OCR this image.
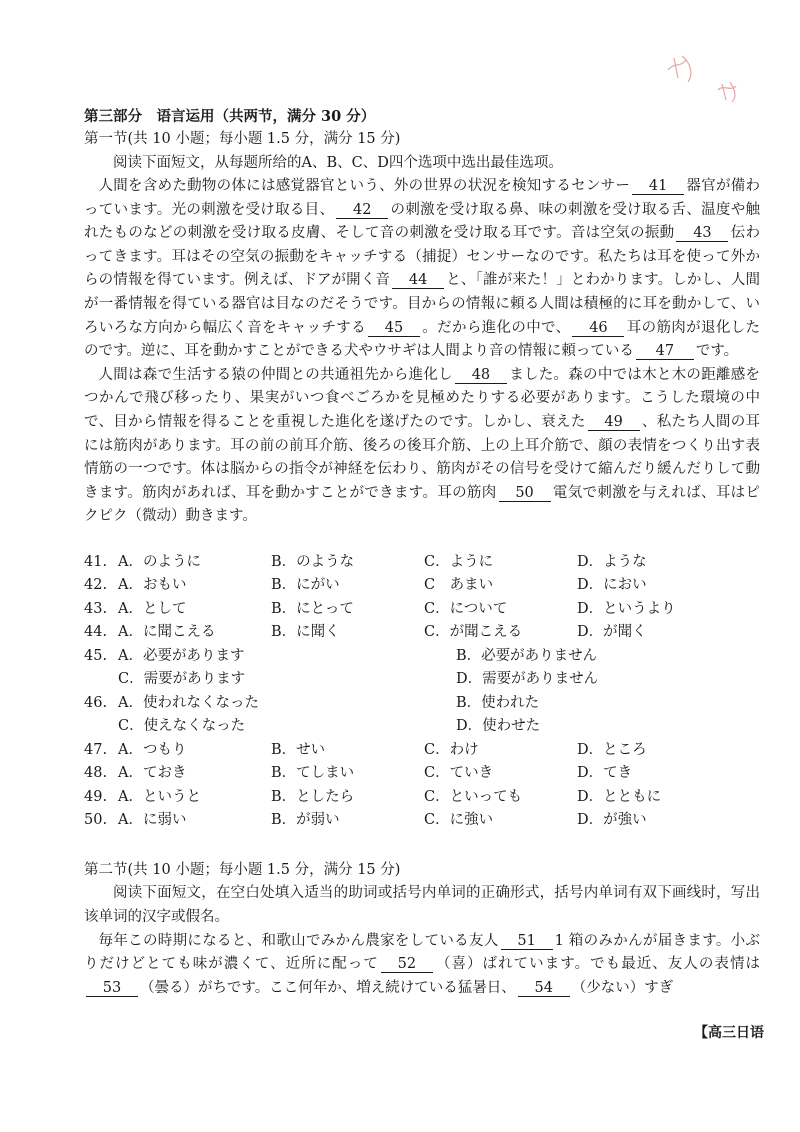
第三部分　语言运用（共两节，满分 30 分）

第一节(共 10 小题；每小题 1.5 分，满分 15 分)

阅读下面短文，从每题所给的A、B、C、D四个选项中选出最佳选项。

人間を含めた動物の体には感覚器官という、外の世界の状況を検知するセンサー 41 器官が備わっています。光の刺激を受け取る目、 42 の刺激を受け取る鼻、味の刺激を受け取る舌、温度や触れたものなどの刺激を受け取る皮膚、そして音の刺激を受け取る耳です。音は空気の振動 43 伝わってきます。耳はその空気の振動をキャッチする（捕捉）センサーなのです。私たちは耳を使って外からの情報を得ています。例えば、ドアが開く音 44 と、「誰が来た！」とわかります。しかし、人間が一番情報を得ている器官は目なのだそうです。目からの情報に頼る人間は積極的に耳を動かして、いろいろな方向から幅広く音をキャッチする 45 。だから進化の中で、 46 耳の筋肉が退化したのです。逆に、耳を動かすことができる犬やウサギは人間より音の情報に頼っている 47 です。

人間は森で生活する猿の仲間との共通祖先から進化し 48 ました。森の中では木と木の距離感をつかんで飛び移ったり、果実がいつ食べごろかを見極めたりする必要があります。こうした環境の中で、目から情報を得ることを重視した進化を遂げたのです。しかし、衰えた 49 、私たち人間の耳には筋肉があります。耳の前の前耳介筋、後ろの後耳介筋、上の上耳介筋で、顔の表情をつくり出す表情筋の一つです。体は脳からの指令が神経を伝わり、筋肉がその信号を受けて縮んだり緩んだりして動きます。筋肉があれば、耳を動かすことができます。耳の筋肉 50 電気で刺激を与えれば、耳はピクピク（微动）動きます。

41. A．のように	B．のような	C．ように	D．ような
42. A．おもい	B．にがい	C　あまい	D．におい
43. A．として	B．にとって	C．について	D．というより
44. A．に聞こえる	B．に聞く	C．が聞こえる	D．が聞く
45. A．必要があります	B．必要がありません
C．需要があります	D．需要がありません
46. A．使われなくなった	B．使われた
C．使えなくなった	D．使わせた
47. A．つもり	B．せい	C．わけ	D．ところ
48. A．ておき	B．てしまい	C．ていき	D．てき
49. A．というと	B．としたら	C．といっても	D．とともに
50. A．に弱い	B．が弱い	C．に強い	D．が強い

第二节(共 10 小题；每小题 1.5 分，满分 15 分)

阅读下面短文，在空白处填入适当的助词或括号内单词的正确形式，括号内单词有双下画线时，写出该单词的汉字或假名。

毎年この時期になると、和歌山でみかん農家をしている友人 51 1 箱のみかんが届きます。小ぶりだけどとても味が濃くて、近所に配って 52 （喜）ばれています。でも最近、友人の表情は53 （曇る）がちです。ここ何年か、増え続けている猛暑日、 54 （少ない）すぎ

【高三日语
